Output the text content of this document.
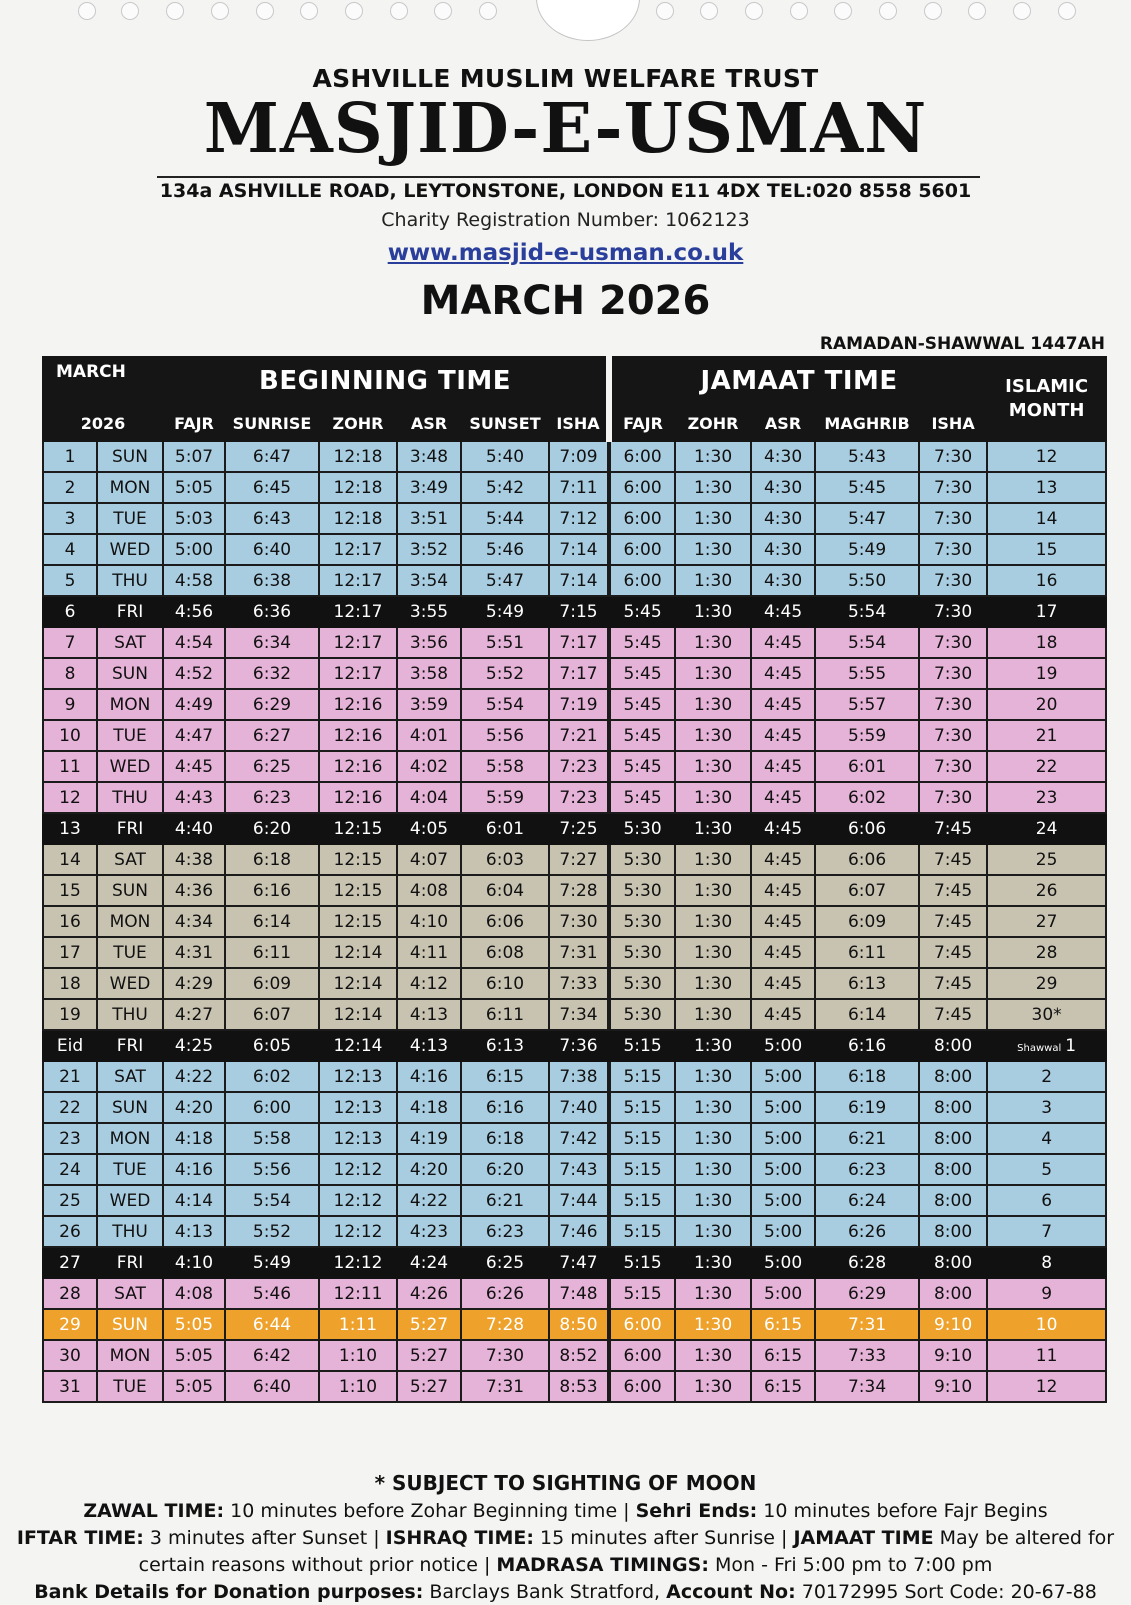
ASHVILLE MUSLIM WELFARE TRUST
MASJID-E-USMAN
134a ASHVILLE ROAD, LEYTONSTONE, LONDON E11 4DX TEL:020 8558 5601
Charity Registration Number: 1062123
www.masjid-e-usman.co.uk
MARCH 2026
RAMADAN-SHAWWAL 1447AH
MARCH		BEGINNING TIME						JAMAAT TIME					ISLAMIC MONTH
2026		FAJR	SUNRISE	ZOHR	ASR	SUNSET	ISHA	FAJR	ZOHR	ASR	MAGHRIB	ISHA	
1	SUN	5:07	6:47	12:18	3:48	5:40	7:09	6:00	1:30	4:30	5:43	7:30	12
2	MON	5:05	6:45	12:18	3:49	5:42	7:11	6:00	1:30	4:30	5:45	7:30	13
3	TUE	5:03	6:43	12:18	3:51	5:44	7:12	6:00	1:30	4:30	5:47	7:30	14
4	WED	5:00	6:40	12:17	3:52	5:46	7:14	6:00	1:30	4:30	5:49	7:30	15
5	THU	4:58	6:38	12:17	3:54	5:47	7:14	6:00	1:30	4:30	5:50	7:30	16
6	FRI	4:56	6:36	12:17	3:55	5:49	7:15	5:45	1:30	4:45	5:54	7:30	17
7	SAT	4:54	6:34	12:17	3:56	5:51	7:17	5:45	1:30	4:45	5:54	7:30	18
8	SUN	4:52	6:32	12:17	3:58	5:52	7:17	5:45	1:30	4:45	5:55	7:30	19
9	MON	4:49	6:29	12:16	3:59	5:54	7:19	5:45	1:30	4:45	5:57	7:30	20
10	TUE	4:47	6:27	12:16	4:01	5:56	7:21	5:45	1:30	4:45	5:59	7:30	21
11	WED	4:45	6:25	12:16	4:02	5:58	7:23	5:45	1:30	4:45	6:01	7:30	22
12	THU	4:43	6:23	12:16	4:04	5:59	7:23	5:45	1:30	4:45	6:02	7:30	23
13	FRI	4:40	6:20	12:15	4:05	6:01	7:25	5:30	1:30	4:45	6:06	7:45	24
14	SAT	4:38	6:18	12:15	4:07	6:03	7:27	5:30	1:30	4:45	6:06	7:45	25
15	SUN	4:36	6:16	12:15	4:08	6:04	7:28	5:30	1:30	4:45	6:07	7:45	26
16	MON	4:34	6:14	12:15	4:10	6:06	7:30	5:30	1:30	4:45	6:09	7:45	27
17	TUE	4:31	6:11	12:14	4:11	6:08	7:31	5:30	1:30	4:45	6:11	7:45	28
18	WED	4:29	6:09	12:14	4:12	6:10	7:33	5:30	1:30	4:45	6:13	7:45	29
19	THU	4:27	6:07	12:14	4:13	6:11	7:34	5:30	1:30	4:45	6:14	7:45	30*
Eid	FRI	4:25	6:05	12:14	4:13	6:13	7:36	5:15	1:30	5:00	6:16	8:00	Shawwal 1
21	SAT	4:22	6:02	12:13	4:16	6:15	7:38	5:15	1:30	5:00	6:18	8:00	2
22	SUN	4:20	6:00	12:13	4:18	6:16	7:40	5:15	1:30	5:00	6:19	8:00	3
23	MON	4:18	5:58	12:13	4:19	6:18	7:42	5:15	1:30	5:00	6:21	8:00	4
24	TUE	4:16	5:56	12:12	4:20	6:20	7:43	5:15	1:30	5:00	6:23	8:00	5
25	WED	4:14	5:54	12:12	4:22	6:21	7:44	5:15	1:30	5:00	6:24	8:00	6
26	THU	4:13	5:52	12:12	4:23	6:23	7:46	5:15	1:30	5:00	6:26	8:00	7
27	FRI	4:10	5:49	12:12	4:24	6:25	7:47	5:15	1:30	5:00	6:28	8:00	8
28	SAT	4:08	5:46	12:11	4:26	6:26	7:48	5:15	1:30	5:00	6:29	8:00	9
29	SUN	5:05	6:44	1:11	5:27	7:28	8:50	6:00	1:30	6:15	7:31	9:10	10
30	MON	5:05	6:42	1:10	5:27	7:30	8:52	6:00	1:30	6:15	7:33	9:10	11
31	TUE	5:05	6:40	1:10	5:27	7:31	8:53	6:00	1:30	6:15	7:34	9:10	12
* SUBJECT TO SIGHTING OF MOON
ZAWAL TIME: 10 minutes before Zohar Beginning time | Sehri Ends: 10 minutes before Fajr Begins
IFTAR TIME: 3 minutes after Sunset | ISHRAQ TIME: 15 minutes after Sunrise | JAMAAT TIME May be altered for
certain reasons without prior notice | MADRASA TIMINGS: Mon - Fri 5:00 pm to 7:00 pm
Bank Details for Donation purposes: Barclays Bank Stratford, Account No: 70172995 Sort Code: 20-67-88
